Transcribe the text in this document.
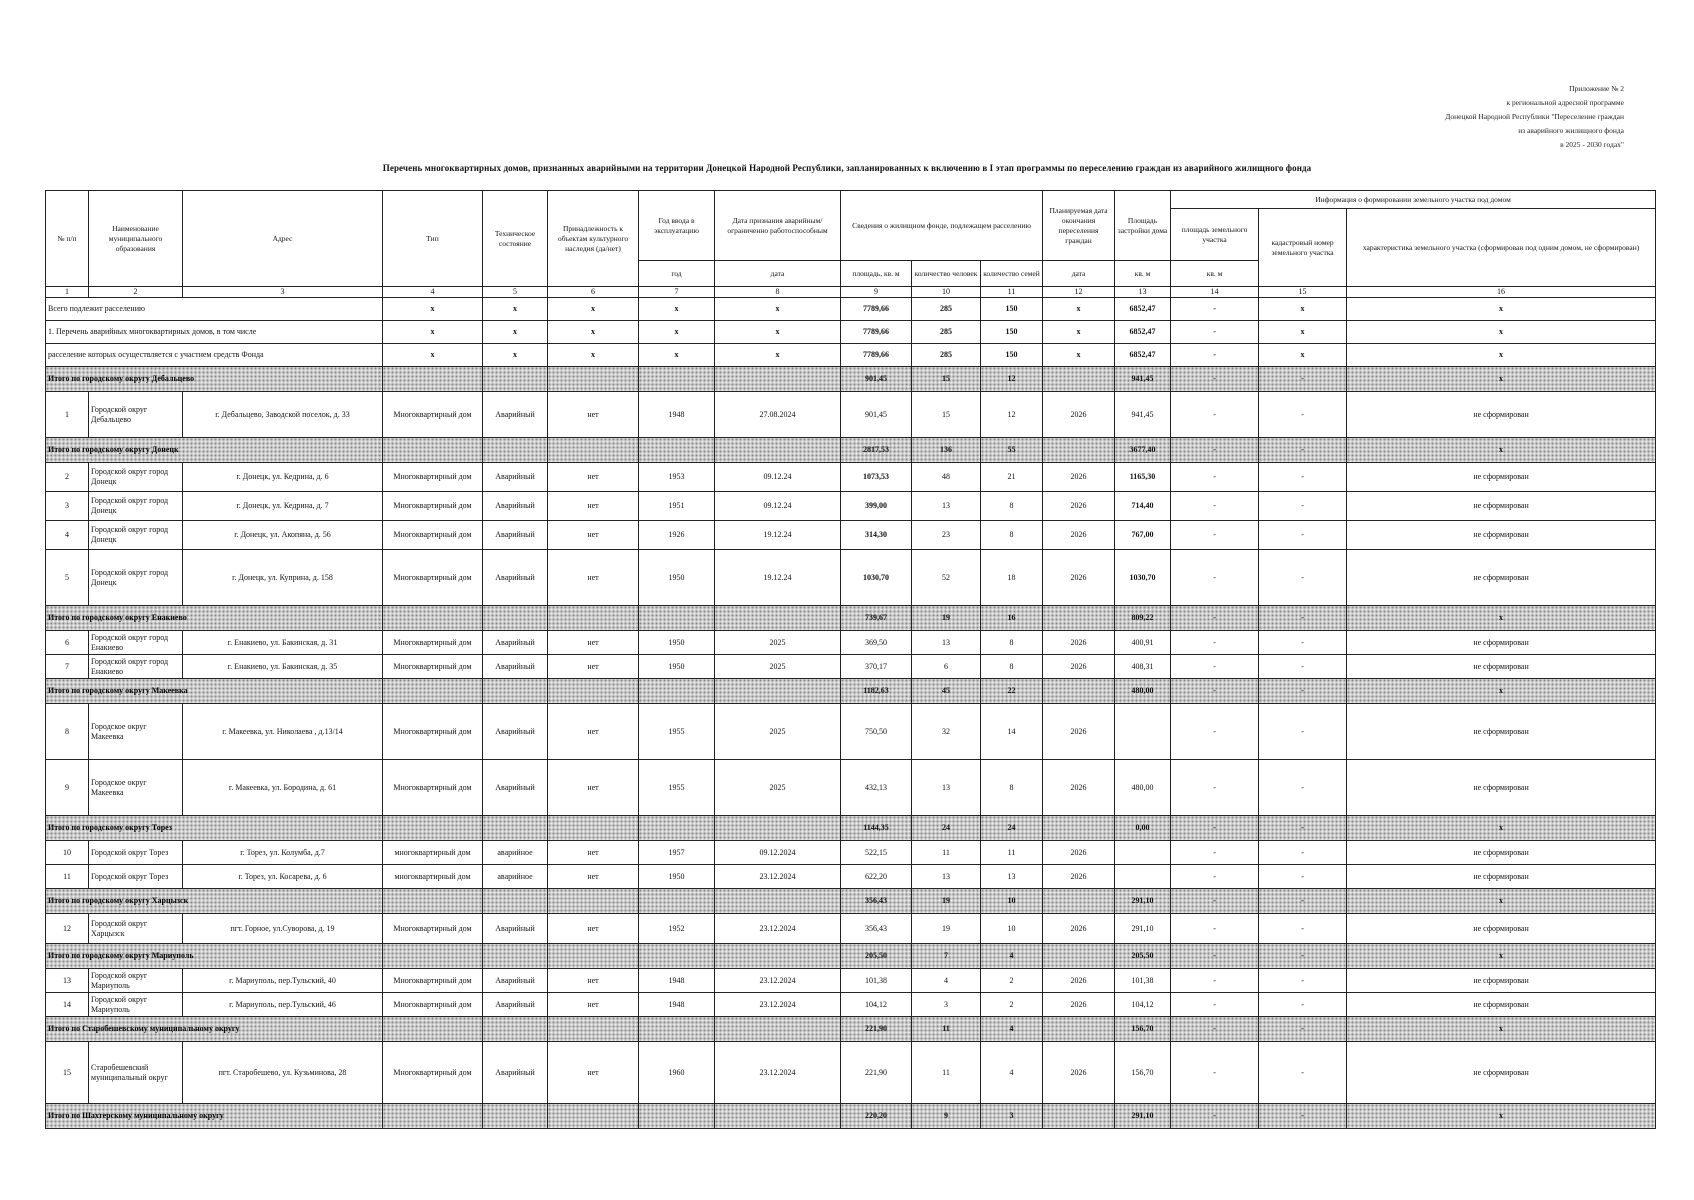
Приложение № 2
к региональной адресной программе
Донецкой Народной Республики "Переселение граждан
из аварийного жилищного фонда
в 2025 - 2030 годах"
Перечень многоквартирных домов, признанных аварийными на территории Донецкой Народной Республики, запланированных к включению в I этап программы по переселению граждан из аварийного жилищного фонда
№ п/п	Наименование муниципального образования	Адрес	Тип	Техническое состояние	Принадлежность к объектам культурного наследия (да/нет)	Год ввода в эксплуатацию	Дата признания аварийным/ограниченно работоспособным	Сведения о жилищном фонде, подлежащем расселению			Планируемая дата окончания переселения граждан	Площадь застройки дома	Информация о формировании земельного участка под домом		
													площадь земельного участка	кадастровый номер земельного участка	характеристика земельного участка (сформирован под одним домом, не сформирован)
						год	дата	площадь, кв. м	количество человек	количество семей	дата	кв. м	кв. м		
1	2	3	4	5	6	7	8	9	10	11	12	13	14	15	16
Всего подлежит расселению			x	x	x	x	x	7789,66	285	150	x	6852,47	-	x	x
1. Перечень аварийных многоквартирных домов, в том числе			x	x	x	x	x	7789,66	285	150	x	6852,47	-	x	x
расселение которых осуществляется с участием средств Фонда			x	x	x	x	x	7789,66	285	150	x	6852,47	-	x	x
Итого по городскому округу Дебальцево								901,45	15	12		941,45	-	-	x
1	Городской округ Дебальцево	г. Дебальцево, Заводской поселок, д. 33	Многоквартирный дом	Аварийный	нет	1948	27.08.2024	901,45	15	12	2026	941,45	-	-	не сформирован
Итого по городскому округу Донецк								2817,53	136	55		3677,40	-	-	x
2	Городской округ город Донецк	г. Донецк, ул. Кедрина, д. 6	Многоквартирный дом	Аварийный	нет	1953	09.12.24	1073,53	48	21	2026	1165,30	-	-	не сформирован
3	Городской округ город Донецк	г. Донецк, ул. Кедрина, д. 7	Многоквартирный дом	Аварийный	нет	1951	09.12.24	399,00	13	8	2026	714,40	-	-	не сформирован
4	Городской округ город Донецк	г. Донецк, ул. Акопяна, д. 56	Многоквартирный дом	Аварийный	нет	1926	19.12.24	314,30	23	8	2026	767,00	-	-	не сформирован
5	Городской округ город Донецк	г. Донецк, ул. Куприна, д. 158	Многоквартирный дом	Аварийный	нет	1950	19.12.24	1030,70	52	18	2026	1030,70	-	-	не сформирован
Итого по городскому округу Енакиево								739,67	19	16		809,22	-	-	x
6	Городской округ город Енакиево	г. Енакиево, ул. Бакинская, д. 31	Многоквартирный дом	Аварийный	нет	1950	2025	369,50	13	8	2026	400,91	-	-	не сформирован
7	Городской округ город Енакиево	г. Енакиево, ул. Бакинская, д. 35	Многоквартирный дом	Аварийный	нет	1950	2025	370,17	6	8	2026	408,31	-	-	не сформирован
Итого по городскому округу Макеевка								1182,63	45	22		480,00	-	-	x
8	Городское округ Макеевка	г. Макеевка, ул. Николаева , д.13/14	Многоквартирный дом	Аварийный	нет	1955	2025	750,50	32	14	2026		-	-	не сформирован
9	Городское округ Макеевка	г. Макеевка, ул. Бородина, д. 61	Многоквартирный дом	Аварийный	нет	1955	2025	432,13	13	8	2026	480,00	-	-	не сформирован
Итого по городскому округу Торез								1144,35	24	24		0,00	-	-	x
10	Городской округ Торез	г. Торез, ул. Колумба, д.7	многоквартирный дом	аварийное	нет	1957	09.12.2024	522,15	11	11	2026		-	-	не сформирован
11	Городской округ Торез	г. Торез, ул. Косарева, д. 6	многоквартирный дом	аварийное	нет	1950	23.12.2024	622,20	13	13	2026		-	-	не сформирован
Итого по городскому округу Харцызск								356,43	19	10		291,10	-	-	x
12	Городской округ Харцызск	пгт. Горное, ул.Суворова, д. 19	Многоквартирный дом	Аварийный	нет	1952	23.12.2024	356,43	19	10	2026	291,10	-	-	не сформирован
Итого по городскому округу Мариуполь								205,50	7	4		205,50	-	-	x
13	Городской округ Мариуполь	г. Мариуполь, пер.Тульский, 40	Многоквартирный дом	Аварийный	нет	1948	23.12.2024	101,38	4	2	2026	101,38	-	-	не сформирован
14	Городской округ Мариуполь	г. Мариуполь, пер.Тульский, 46	Многоквартирный дом	Аварийный	нет	1948	23.12.2024	104,12	3	2	2026	104,12	-	-	не сформирован
Итого по Старобешевскому муниципальному округу								221,90	11	4		156,70	-	-	x
15	Старобешевский муниципальный округ	пгт. Старобешево, ул. Кузьминова, 28	Многоквартирный дом	Аварийный	нет	1960	23.12.2024	221,90	11	4	2026	156,70	-	-	не сформирован
Итого по Шахтерскому муниципальному округу								220,20	9	3		291,10	-	-	x
